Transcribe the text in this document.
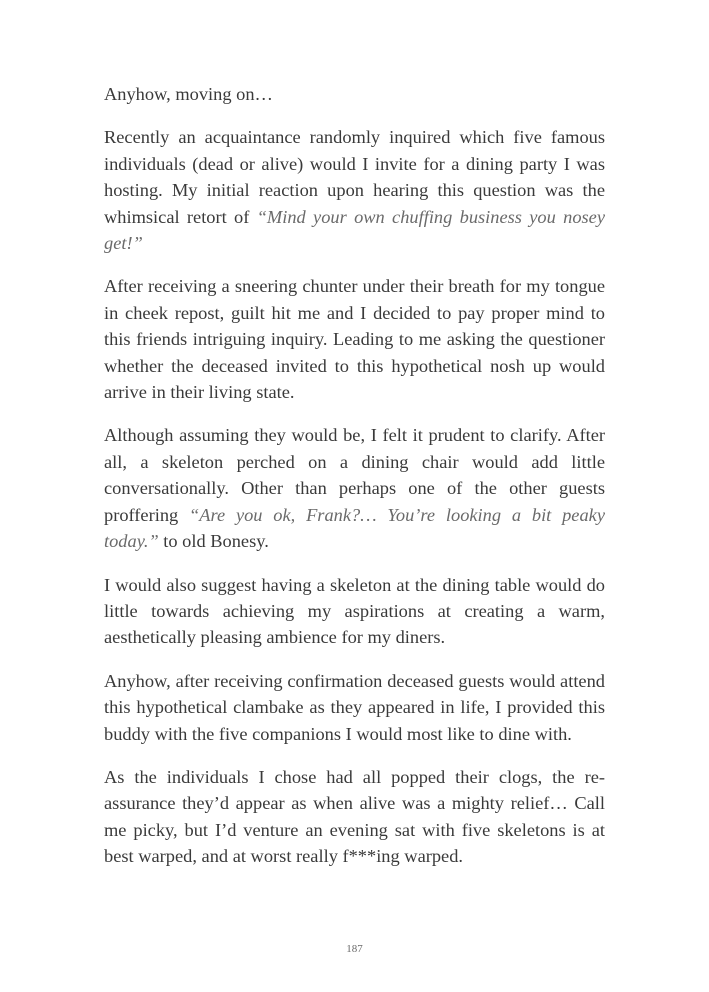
Anyhow, moving on…

Recently an acquaintance randomly inquired which five famous individuals (dead or alive) would I invite for a dining party I was hosting. My initial reaction upon hearing this question was the whimsical retort of “Mind your own chuffing business you nosey get!”

After receiving a sneering chunter under their breath for my tongue in cheek repost, guilt hit me and I decided to pay proper mind to this friends intriguing inquiry. Leading to me asking the questioner whether the deceased invited to this hypothetical nosh up would arrive in their living state.

Although assuming they would be, I felt it prudent to clarify. After all, a skeleton perched on a dining chair would add little conversationally. Other than perhaps one of the other guests proffering “Are you ok, Frank?… You’re looking a bit peaky today.” to old Bonesy.

I would also suggest having a skeleton at the dining table would do little towards achieving my aspirations at creating a warm, aesthetically pleasing ambience for my diners.

Anyhow, after receiving confirmation deceased guests would attend this hypothetical clambake as they appeared in life, I provided this buddy with the five companions I would most like to dine with.

As the individuals I chose had all popped their clogs, the re-assurance they’d appear as when alive was a mighty relief… Call me picky, but I’d venture an evening sat with five skeletons is at best warped, and at worst really f***ing warped.

187
